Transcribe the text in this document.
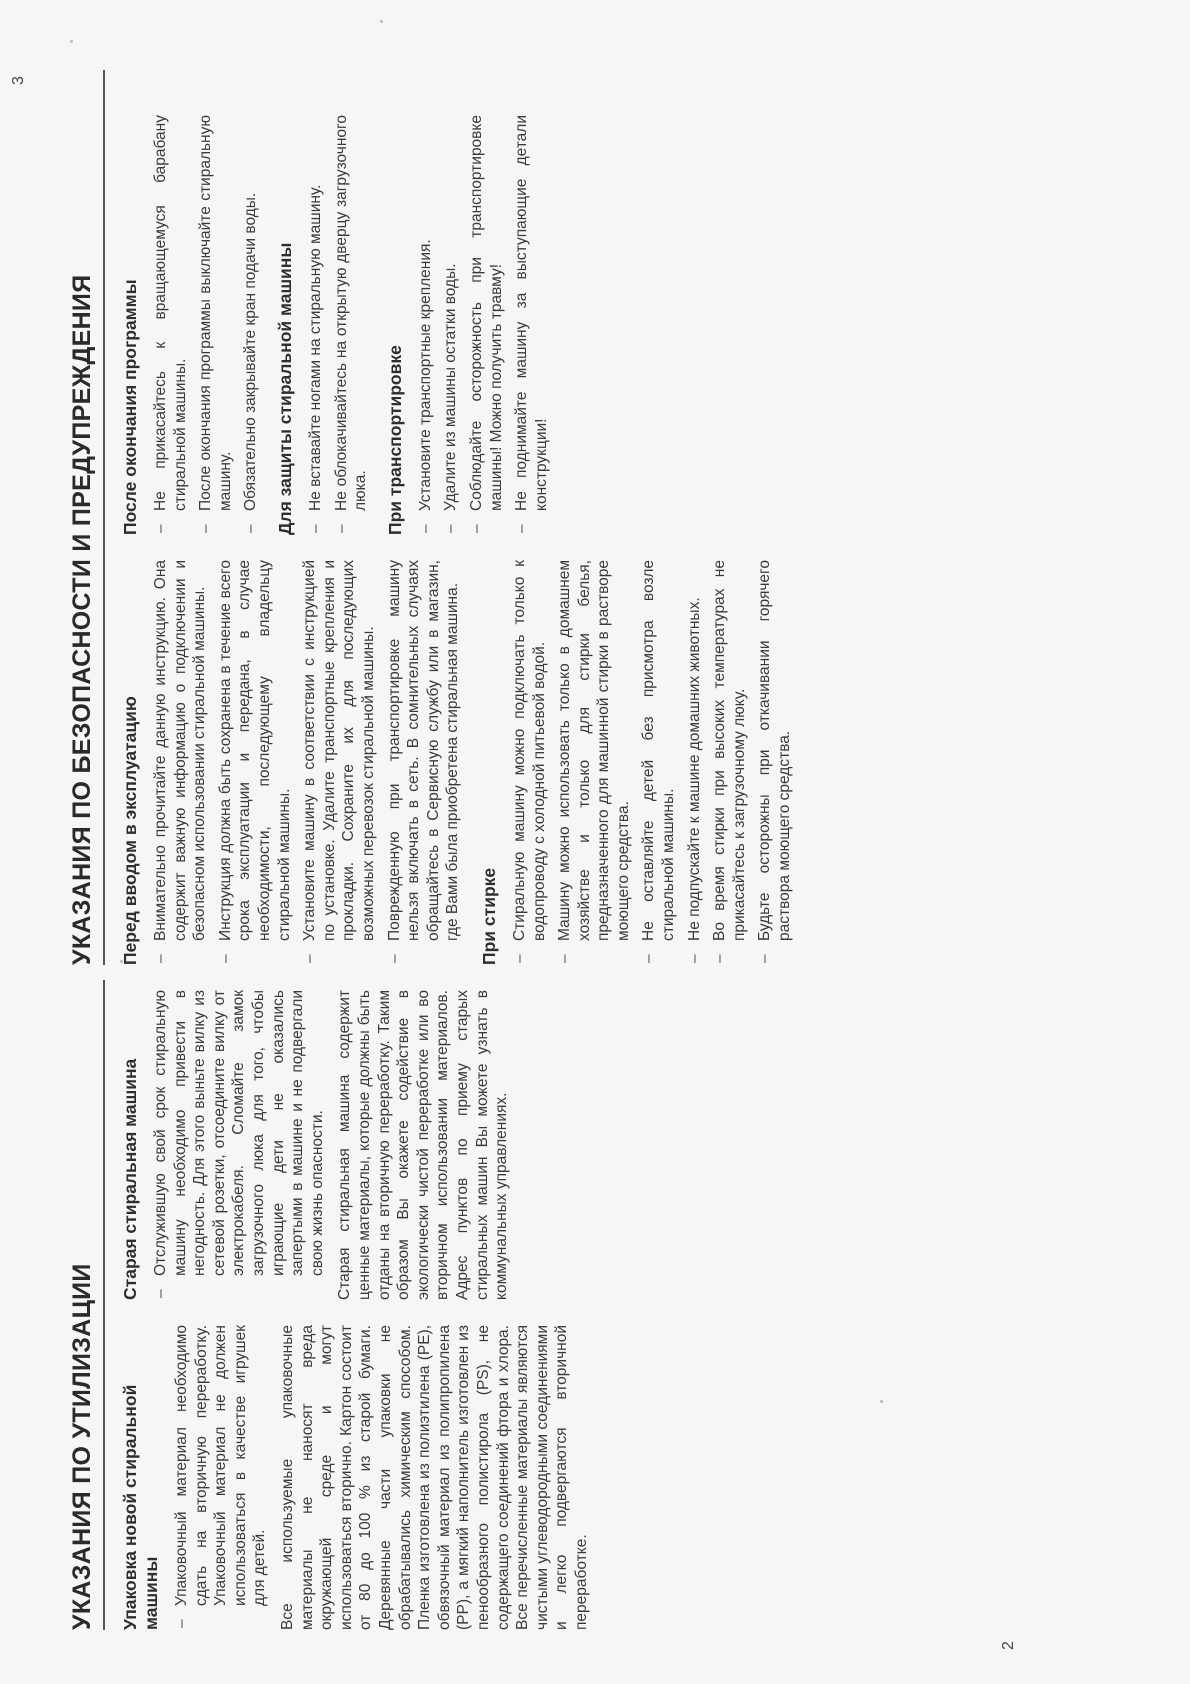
УКАЗАНИЯ ПО УТИЛИЗАЦИИ	Упаковка новой стиральной машины – Упаковочный материал необходимо сдать на вторичную переработку. Упаковочный материал не должен использоваться в качестве игрушек для детей. Все используемые упаковочные материалы не наносят вреда окружающей среде и могут использоваться вторично. Картон состоит от 80 до 100 % из старой бумаги. Деревянные части упаковки не обрабатывались химическим способом. Пленка изготовлена из полиэтилена (PE), обвязочный материал из полипропилена (PP), а мягкий наполнитель изготовлен из пенообразного полистирола (PS), не содержащего соединений фтора и хлора. Все перечисленные материалы являются чистыми углеводородными соединениями и легко подвергаются вторичной переработке.

Старая стиральная машина – Отслужившую свой срок стиральную машину необходимо привести в негодность. Для этого выньте вилку из сетевой розетки, отсоедините вилку от электрокабеля. Сломайте замок загрузочного люка для того, чтобы играющие дети не оказались запертыми в машине и не подвергали свою жизнь опасности. Старая стиральная машина содержит ценные материалы, которые должны быть отданы на вторичную переработку. Таким образом Вы окажете содействие в экологически чистой переработке или во вторичном использовании материалов. Адрес пунктов по приему старых стиральных машин Вы можете узнать в коммунальных управлениях.

2
УКАЗАНИЯ ПО БЕЗОПАСНОСТИ И ПРЕДУПРЕЖДЕНИЯ	Перед вводом в эксплуатацию – Внимательно прочитайте данную инструкцию. Она содержит важную информацию о подключении и безопасном использовании стиральной машины. – Инструкция должна быть сохранена в течение всего срока эксплуатации и передана, в случае необходимости, последующему владельцу стиральной машины. – Установите машину в соответствии с инструкцией по установке. Удалите транспортные крепления и прокладки. Сохраните их для последующих возможных перевозок стиральной машины. – Поврежденную при транспортировке машину нельзя включать в сеть. В сомнительных случаях обращайтесь в Сервисную службу или в магазин, где Вами была приобретена стиральная машина. При стирке – Стиральную машину можно подключать только к водопроводу с холодной питьевой водой. – Машину можно использовать только в домашнем хозяйстве и только для стирки белья, предназначенного для машинной стирки в растворе моющего средства. – Не оставляйте детей без присмотра возле стиральной машины. – Не подпускайте к машине домашних животных. – Во время стирки при высоких температурах не прикасайтесь к загрузочному люку. – Будьте осторожны при откачивании горячего раствора моющего средства.
После окончания программы – Не прикасайтесь к вращающемуся барабану стиральной машины. – После окончания программы выключайте стиральную машину. – Обязательно закрывайте кран подачи воды. Для защиты стиральной машины – Не вставайте ногами на стиральную машину. – Не облокачивайтесь на открытую дверцу загрузочного люка. При транспортировке – Установите транспортные крепления. – Удалите из машины остатки воды. – Соблюдайте осторожность при транспортировке машины! Можно получить травму! – Не поднимайте машину за выступающие детали конструкции!
3
